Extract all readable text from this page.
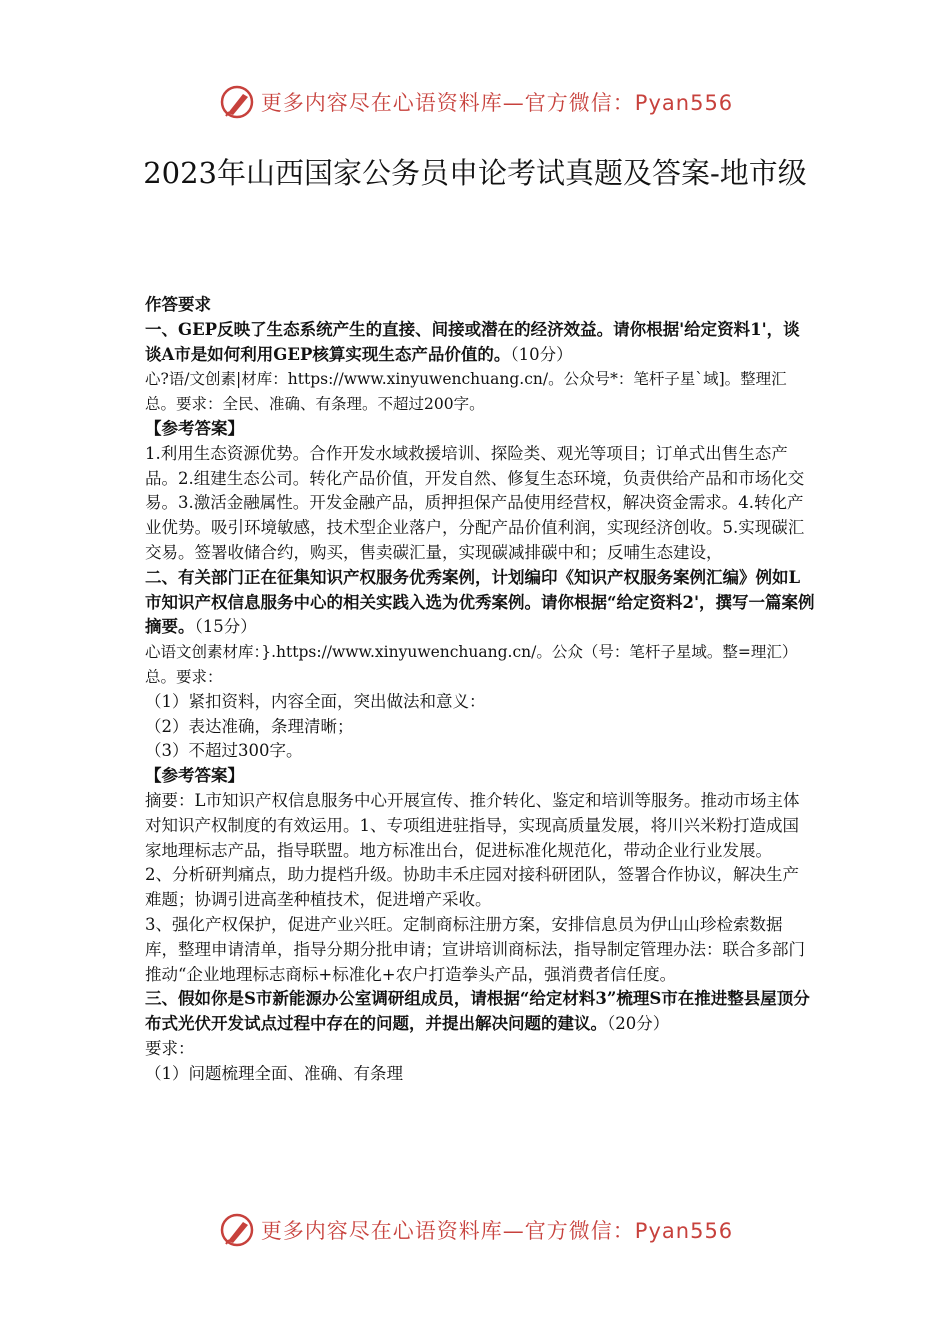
更多内容尽在心语资料库—官方微信：Pyan556
2023年山西国家公务员申论考试真题及答案-地市级

作答要求

一、GEP反映了生态系统产生的直接、间接或潜在的经济效益。请你根据'给定资料1'，谈谈A市是如何利用GEP核算实现生态产品价值的。（10分）

心?语/文创素|材库：https://www.xinyuwenchuang.cn/。公众号*：笔杆子星`域]。整理汇总。要求：全民、准确、有条理。不超过200字。

【参考答案】

1.利用生态资源优势。合作开发水域救援培训、探险类、观光等项目；订单式出售生态产品。2.组建生态公司。转化产品价值，开发自然、修复生态环境，负责供给产品和市场化交易。3.激活金融属性。开发金融产品，质押担保产品使用经营权，解决资金需求。4.转化产业优势。吸引环境敏感，技术型企业落户，分配产品价值利润，实现经济创收。5.实现碳汇交易。签署收储合约，购买，售卖碳汇量，实现碳减排碳中和；反哺生态建设，

二、有关部门正在征集知识产权服务优秀案例，计划编印《知识产权服务案例汇编》例如L市知识产权信息服务中心的相关实践入选为优秀案例。请你根据“给定资料2'，撰写一篇案例摘要。（15分）

心语文创素材库：}.https://www.xinyuwenchuang.cn/。公众（号：笔杆子星域。整=理汇）总。要求：

（1）紧扣资料，内容全面，突出做法和意义：

（2）表达准确，条理清晰；

（3）不超过300字。

【参考答案】

摘要：L市知识产权信息服务中心开展宣传、推介转化、鉴定和培训等服务。推动市场主体对知识产权制度的有效运用。1、专项组进驻指导，实现高质量发展，将川兴米粉打造成国家地理标志产品，指导联盟。地方标准出台，促进标准化规范化，带动企业行业发展。

2、分析研判痛点，助力提档升级。协助丰禾庄园对接科研团队，签署合作协议，解决生产难题；协调引进高垄种植技术，促进增产采收。

3、强化产权保护，促进产业兴旺。定制商标注册方案，安排信息员为伊山山珍检索数据库，整理申请清单，指导分期分批申请；宣讲培训商标法，指导制定管理办法：联合多部门推动“企业地理标志商标+标准化+农户打造拳头产品，强消费者信任度。

三、假如你是S市新能源办公室调研组成员，请根据“给定材料3”梳理S市在推进整县屋顶分布式光伏开发试点过程中存在的问题，并提出解决问题的建议。（20分）

要求：

（1）问题梳理全面、准确、有条理

更多内容尽在心语资料库—官方微信：Pyan556
